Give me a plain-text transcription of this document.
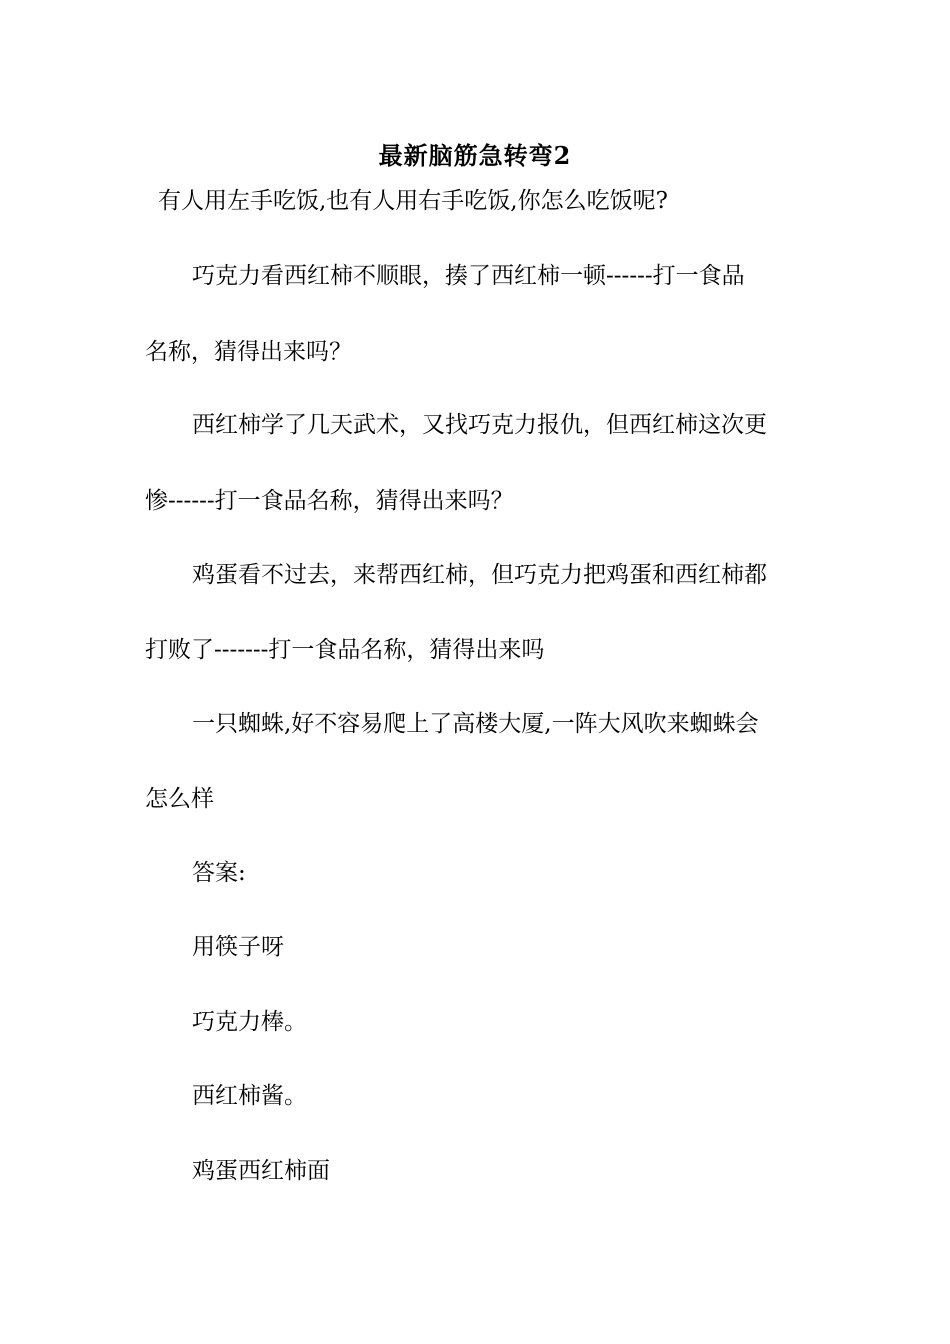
最新脑筋急转弯2
有人用左手吃饭,也有人用右手吃饭,你怎么吃饭呢?
巧克力看西红柿不顺眼，揍了西红柿一顿------打一食品
名称，猜得出来吗？
西红柿学了几天武术，又找巧克力报仇，但西红柿这次更
惨------打一食品名称，猜得出来吗？
鸡蛋看不过去，来帮西红柿，但巧克力把鸡蛋和西红柿都
打败了-------打一食品名称，猜得出来吗
一只蜘蛛,好不容易爬上了高楼大厦,一阵大风吹来蜘蛛会
怎么样
答案:
用筷子呀
巧克力棒。
西红柿酱。
鸡蛋西红柿面
